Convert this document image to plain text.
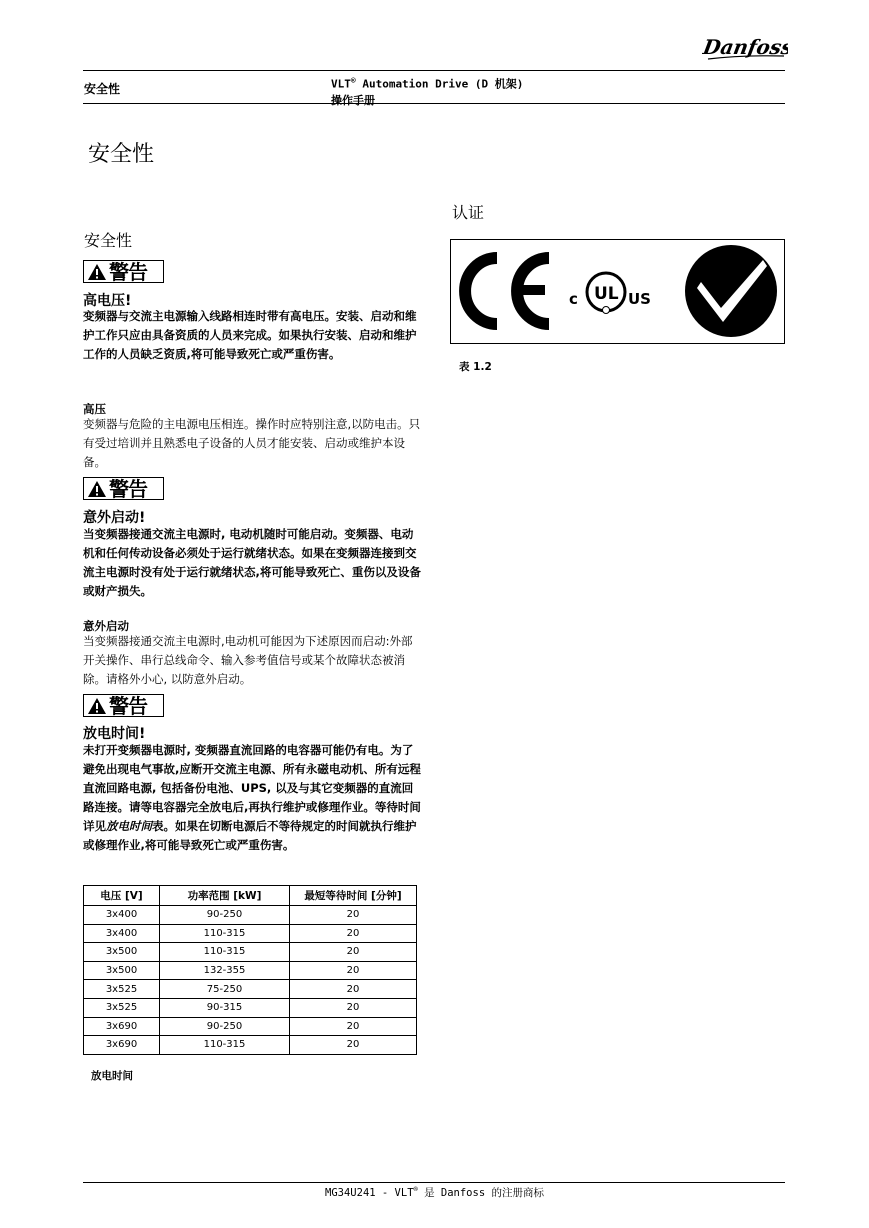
Danfoss
安全性	VLT® Automation Drive (D 机架)
操作手册
安全性
安全性
警告
高电压!
变频器与交流主电源输入线路相连时带有高电压。安装、启动和维护工作只应由具备资质的人员来完成。如果执行安装、启动和维护工作的人员缺乏资质,将可能导致死亡或严重伤害。
高压
变频器与危险的主电源电压相连。操作时应特别注意,以防电击。只有受过培训并且熟悉电子设备的人员才能安装、启动或维护本设备。
警告
意外启动!
当变频器接通交流主电源时, 电动机随时可能启动。变频器、电动机和任何传动设备必须处于运行就绪状态。如果在变频器连接到交流主电源时没有处于运行就绪状态,将可能导致死亡、重伤以及设备或财产损失。
意外启动
当变频器接通交流主电源时,电动机可能因为下述原因而启动:外部开关操作、串行总线命令、输入参考值信号或某个故障状态被消除。请格外小心, 以防意外启动。
警告
放电时间!
未打开变频器电源时, 变频器直流回路的电容器可能仍有电。为了避免出现电气事故,应断开交流主电源、所有永磁电动机、所有远程直流回路电源, 包括备份电池、UPS, 以及与其它变频器的直流回路连接。请等电容器完全放电后,再执行维护或修理作业。等待时间详见放电时间表。如果在切断电源后不等待规定的时间就执行维护或修理作业,将可能导致死亡或严重伤害。
电压 [V]	功率范围 [kW]	最短等待时间 [分钟]
3x400	90-250	20
3x400	110-315	20
3x500	110-315	20
3x500	132-355	20
3x525	75-250	20
3x525	90-315	20
3x690	90-250	20
3x690	110-315	20
放电时间
认证
c UL US
表 1.2
MG34U241 - VLT® 是 Danfoss 的注册商标
